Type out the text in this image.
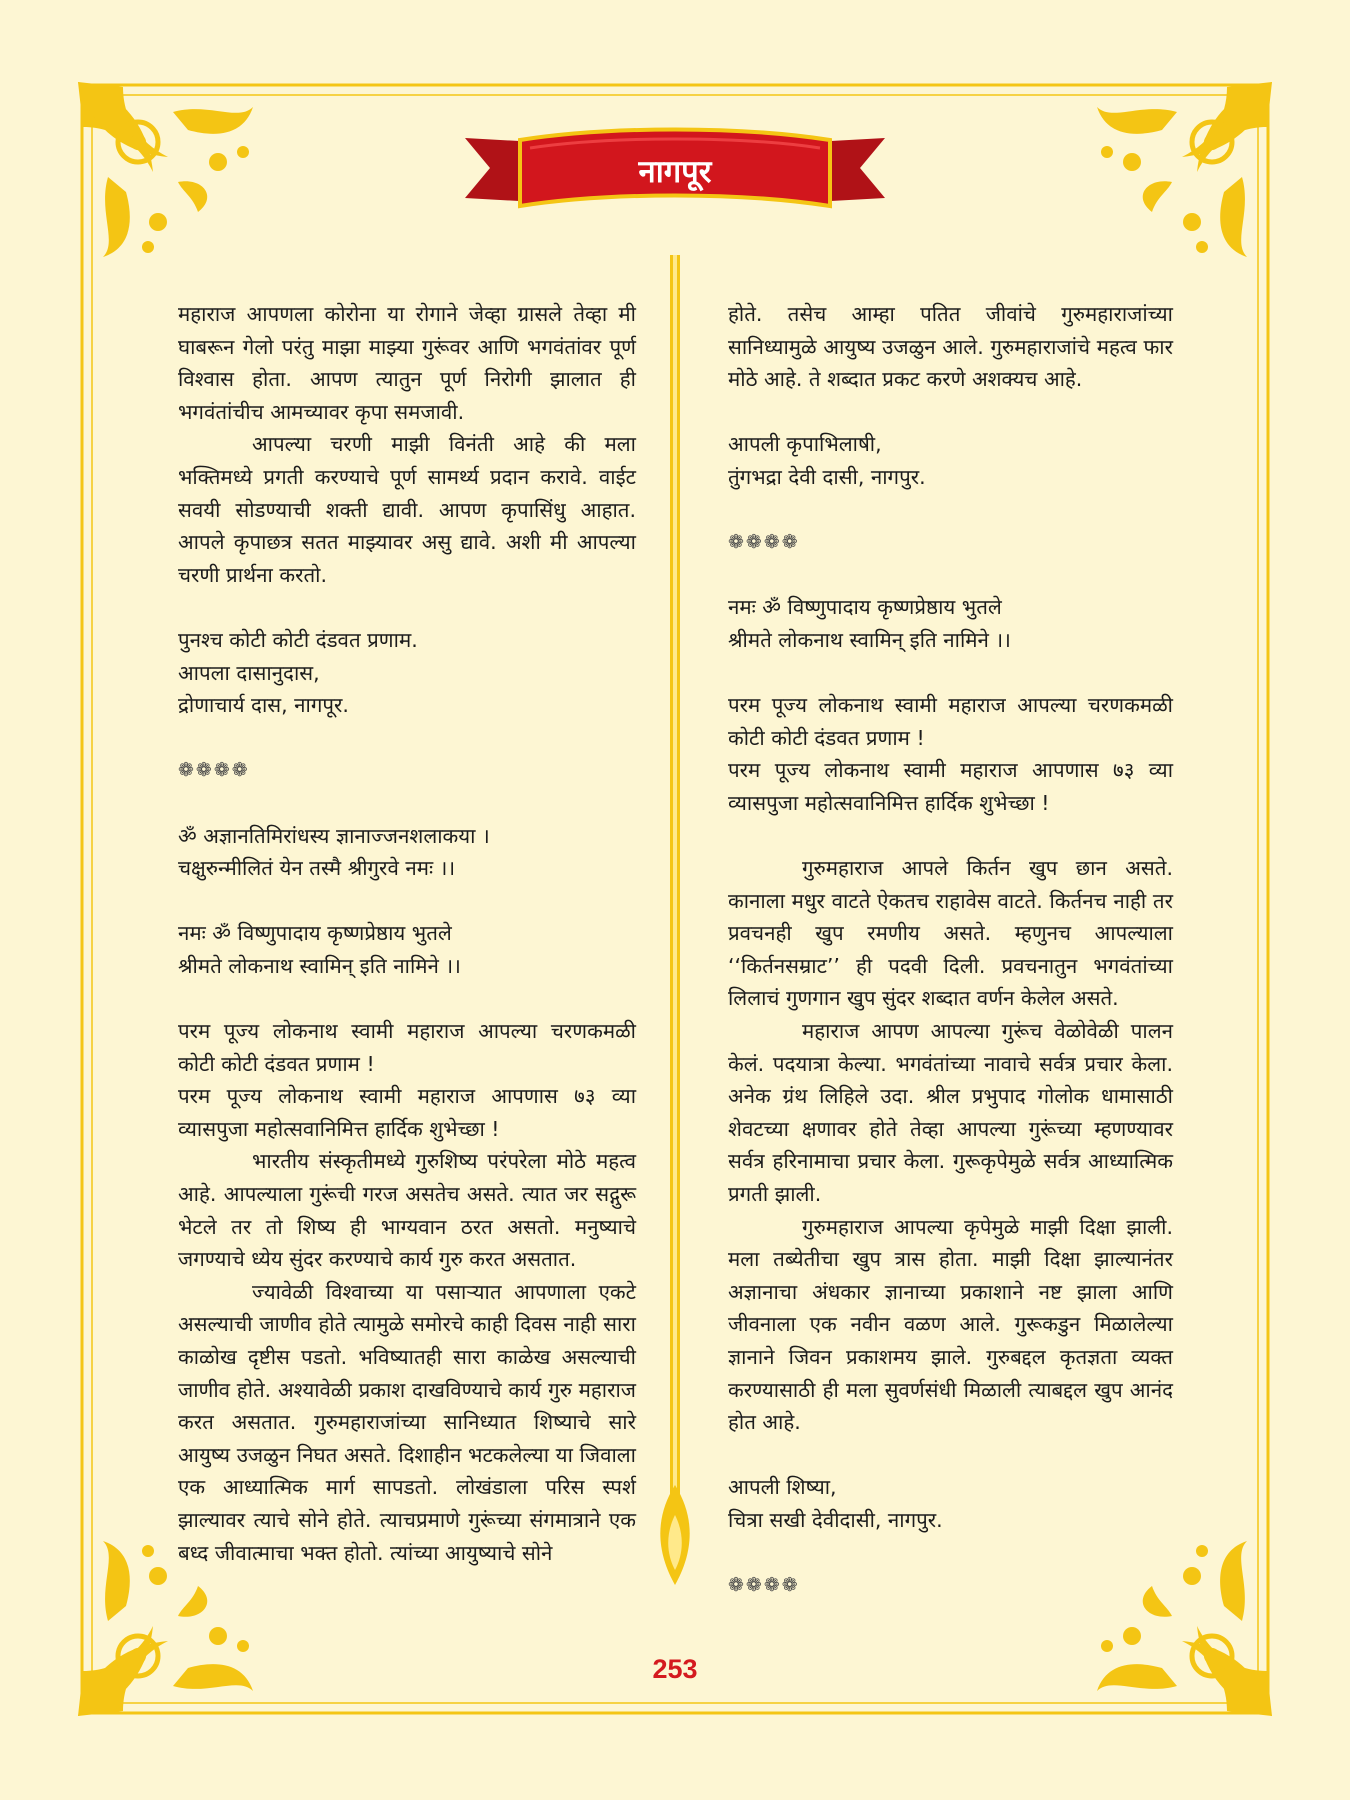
नागपूर
महाराज आपणला कोरोना या रोगाने जेव्हा ग्रासले तेव्हा मी घाबरून गेलो परंतु माझा माझ्या गुरूंवर आणि भगवंतांवर पूर्ण विश्‍वास होता. आपण त्यातुन पूर्ण निरोगी झालात ही भगवंतांचीच आमच्यावर कृपा समजावी.
आपल्या चरणी माझी विनंती आहे की मला भक्तिमध्ये प्रगती करण्याचे पूर्ण सामर्थ्य प्रदान करावे. वाईट सवयी सोडण्याची शक्ती द्यावी. आपण कृपासिंधु आहात. आपले कृपाछत्र सतत माझ्यावर असु द्यावे. अशी मी आपल्या चरणी प्रार्थना करतो.
पुनश्‍च कोटी कोटी दंडवत प्रणाम.
आपला दासानुदास,
द्रोणाचार्य दास, नागपूर.
❁❁❁❁
ॐ अज्ञानतिमिरांधस्य ज्ञानाज्जनशलाकया ।
चक्षुरुन्मीलितं येन तस्मै श्रीगुरवे नमः ।।
नमः ॐ विष्णुपादाय कृष्णप्रेष्ठाय भुतले
श्रीमते लोकनाथ स्वामिन् इति नामिने ।।
परम पूज्य लोकनाथ स्वामी महाराज आपल्या चरणकमळी कोटी कोटी दंडवत प्रणाम !
परम पूज्य लोकनाथ स्वामी महाराज आपणास ७३ व्या व्यासपुजा महोत्सवानिमित्त हार्दिक शुभेच्छा !
भारतीय संस्कृतीमध्ये गुरुशिष्य परंपरेला मोठे महत्व आहे. आपल्याला गुरूंची गरज असतेच असते. त्यात जर सद्गुरू भेटले तर तो शिष्य ही भाग्यवान ठरत असतो. मनुष्याचे जगण्याचे ध्येय सुंदर करण्याचे कार्य गुरु करत असतात.
ज्यावेळी विश्‍वाच्या या पसाऱ्यात आपणाला एकटे असल्याची जाणीव होते त्यामुळे समोरचे काही दिवस नाही सारा काळोख दृष्टीस पडतो. भविष्यातही सारा काळेख असल्याची जाणीव होते. अश्यावेळी प्रकाश दाखविण्याचे कार्य गुरु महाराज करत असतात. गुरुमहाराजांच्या सानिध्यात शिष्याचे सारे आयुष्य उजळुन निघत असते. दिशाहीन भटकलेल्या या जिवाला एक आध्यात्मिक मार्ग सापडतो. लोखंडाला परिस स्पर्श झाल्यावर त्याचे सोने होते. त्याचप्रमाणे गुरूंच्या संगमात्राने एक बध्द जीवात्माचा भक्त होतो. त्यांच्या आयुष्याचे सोने
होते. तसेच आम्हा पतित जीवांचे गुरुमहाराजांच्या सानिध्यामुळे आयुष्य उजळुन आले. गुरुमहाराजांचे महत्व फार मोठे आहे. ते शब्दात प्रकट करणे अशक्यच आहे.
आपली कृपाभिलाषी,
तुंगभद्रा देवी दासी, नागपुर.
❁❁❁❁
नमः ॐ विष्णुपादाय कृष्णप्रेष्ठाय भुतले
श्रीमते लोकनाथ स्वामिन् इति नामिने ।।
परम पूज्य लोकनाथ स्वामी महाराज आपल्या चरणकमळी कोटी कोटी दंडवत प्रणाम !
परम पूज्य लोकनाथ स्वामी महाराज आपणास ७३ व्या व्यासपुजा महोत्सवानिमित्त हार्दिक शुभेच्छा !
गुरुमहाराज आपले किर्तन खुप छान असते. कानाला मधुर वाटते ऐकतच राहावेस वाटते. किर्तनच नाही तर प्रवचनही खुप रमणीय असते. म्हणुनच आपल्याला ‘‘किर्तनसम्राट’’ ही पदवी दिली. प्रवचनातुन भगवंतांच्या लिलाचं गुणगान खुप सुंदर शब्दात वर्णन केलेल असते.
महाराज आपण आपल्या गुरूंच वेळोवेळी पालन केलं. पदयात्रा केल्या. भगवंतांच्या नावाचे सर्वत्र प्रचार केला. अनेक ग्रंथ लिहिले उदा. श्रील प्रभुपाद गोलोक धामासाठी शेवटच्या क्षणावर होते तेव्हा आपल्या गुरूंच्या म्हणण्यावर सर्वत्र हरिनामाचा प्रचार केला. गुरूकृपेमुळे सर्वत्र आध्यात्मिक प्रगती झाली.
गुरुमहाराज आपल्या कृपेमुळे माझी दिक्षा झाली. मला तब्येतीचा खुप त्रास होता. माझी दिक्षा झाल्यानंतर अज्ञानाचा अंधकार ज्ञानाच्या प्रकाशाने नष्ट झाला आणि जीवनाला एक नवीन वळण आले. गुरूकडुन मिळालेल्या ज्ञानाने जिवन प्रकाशमय झाले. गुरुबद्दल कृतज्ञता व्यक्त करण्यासाठी ही मला सुवर्णसंधी मिळाली त्याबद्दल खुप आनंद होत आहे.
आपली शिष्या,
चित्रा सखी देवीदासी, नागपुर.
❁❁❁❁
253
